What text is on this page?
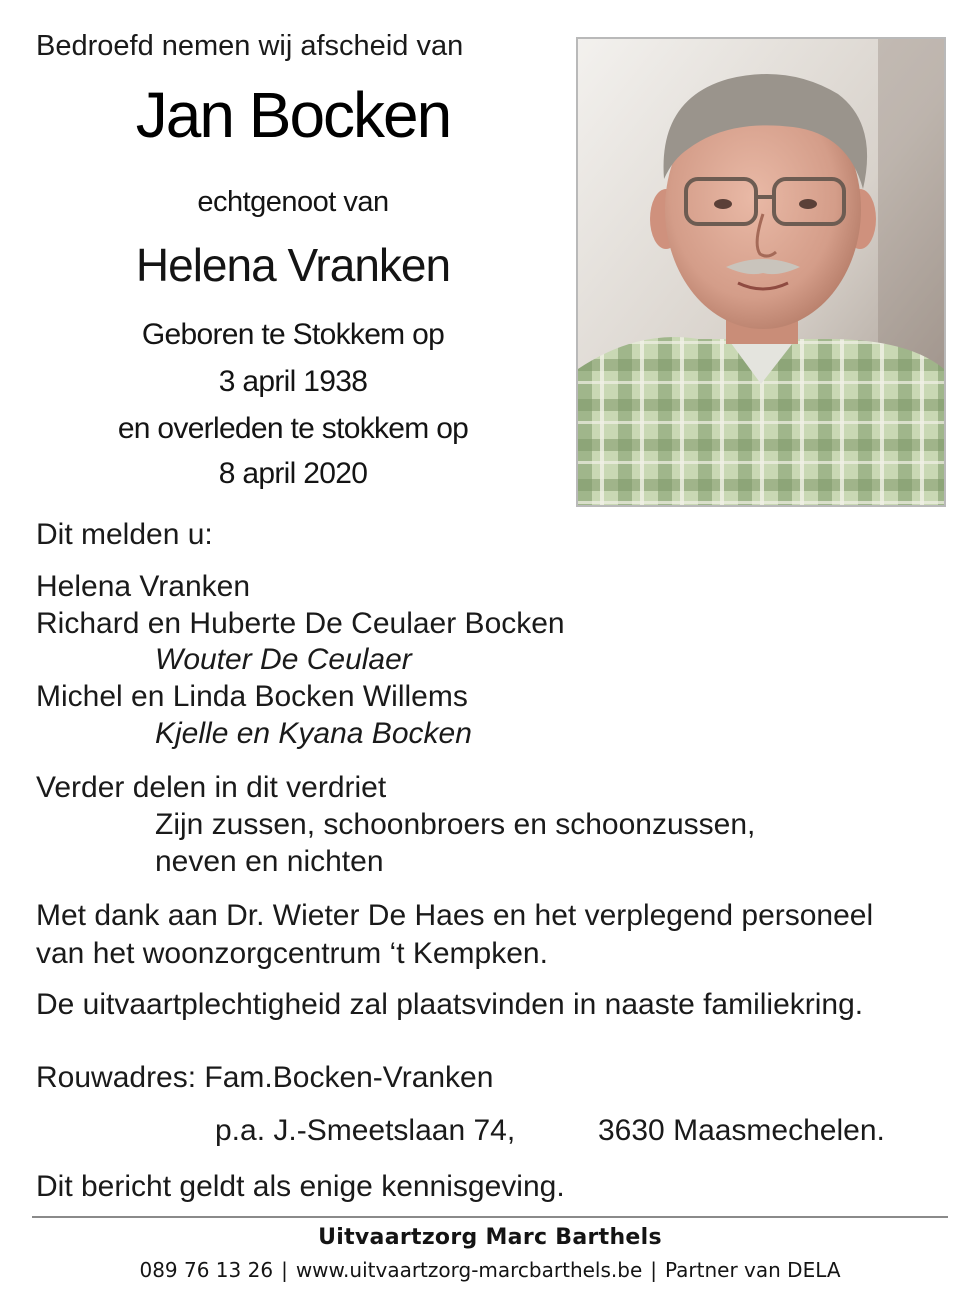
Bedroefd nemen wij afscheid van
Jan Bocken
echtgenoot van
Helena Vranken
Geboren te Stokkem op
3 april 1938
en overleden te stokkem op
8 april 2020
Dit melden u:
Helena Vranken
Richard en Huberte De Ceulaer Bocken
Wouter De Ceulaer
Michel en Linda Bocken Willems
Kjelle en Kyana Bocken
Verder delen in dit verdriet
Zijn zussen, schoonbroers en schoonzussen,
neven en nichten
Met dank aan Dr. Wieter De Haes en het verplegend personeel
van het woonzorgcentrum ‘t Kempken.
De uitvaartplechtigheid zal plaatsvinden in naaste familiekring.
Rouwadres: Fam.Bocken-Vranken
p.a. J.-Smeetslaan 74,	3630 Maasmechelen.
Dit bericht geldt als enige kennisgeving.
Uitvaartzorg Marc Barthels
089 76 13 26 | www.uitvaartzorg-marcbarthels.be | Partner van DELA
